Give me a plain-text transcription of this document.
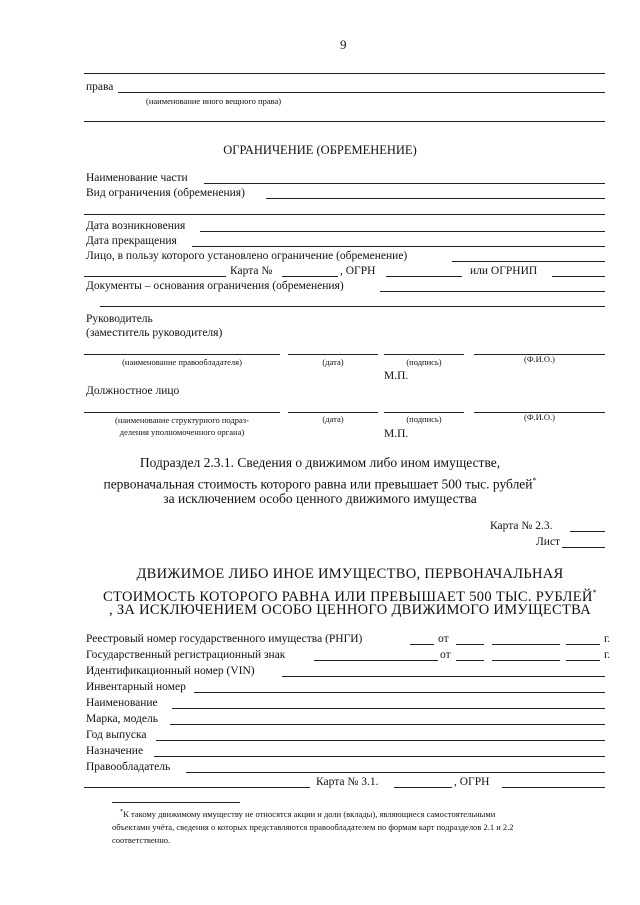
9
права
(наименование иного вещного права)
ОГРАНИЧЕНИЕ (ОБРЕМЕНЕНИЕ)
Наименование части
Вид ограничения (обременения)
Дата возникновения
Дата прекращения
Лицо, в пользу которого установлено ограничение (обременение)
Карта №	, ОГРН	или ОГРНИП
Документы – основания ограничения (обременения)
Руководитель
(заместитель руководителя)
(наименование правообладателя)	(дата)	(подпись)	(Ф.И.О.)
М.П.
Должностное лицо
(наименование структурного подраз-
деления уполномоченного органа)
(дата)	(подпись)	(Ф.И.О.)
М.П.
Подраздел 2.3.1. Сведения о движимом либо ином имуществе,
первоначальная стоимость которого равна или превышает 500 тыс. рублей*
за исключением особо ценного движимого имущества
Карта № 2.3.
Лист
ДВИЖИМОЕ ЛИБО ИНОЕ ИМУЩЕСТВО, ПЕРВОНАЧАЛЬНАЯ
СТОИМОСТЬ КОТОРОГО РАВНА ИЛИ ПРЕВЫШАЕТ 500 ТЫС. РУБЛЕЙ*
, ЗА ИСКЛЮЧЕНИЕМ ОСОБО ЦЕННОГО ДВИЖИМОГО ИМУЩЕСТВА
Реестровый номер государственного имущества (РНГИ)	от	г.
Государственный регистрационный знак	от	г.
Идентификационный номер (VIN)
Инвентарный номер
Наименование
Марка, модель
Год выпуска
Назначение
Правообладатель
Карта № 3.1.	, ОГРН
*К такому движимому имуществу не относятся акции и доли (вклады), являющиеся самостоятельными
объектами учёта, сведения о которых представляются правообладателем по формам карт подразделов 2.1 и 2.2
соответственно.
